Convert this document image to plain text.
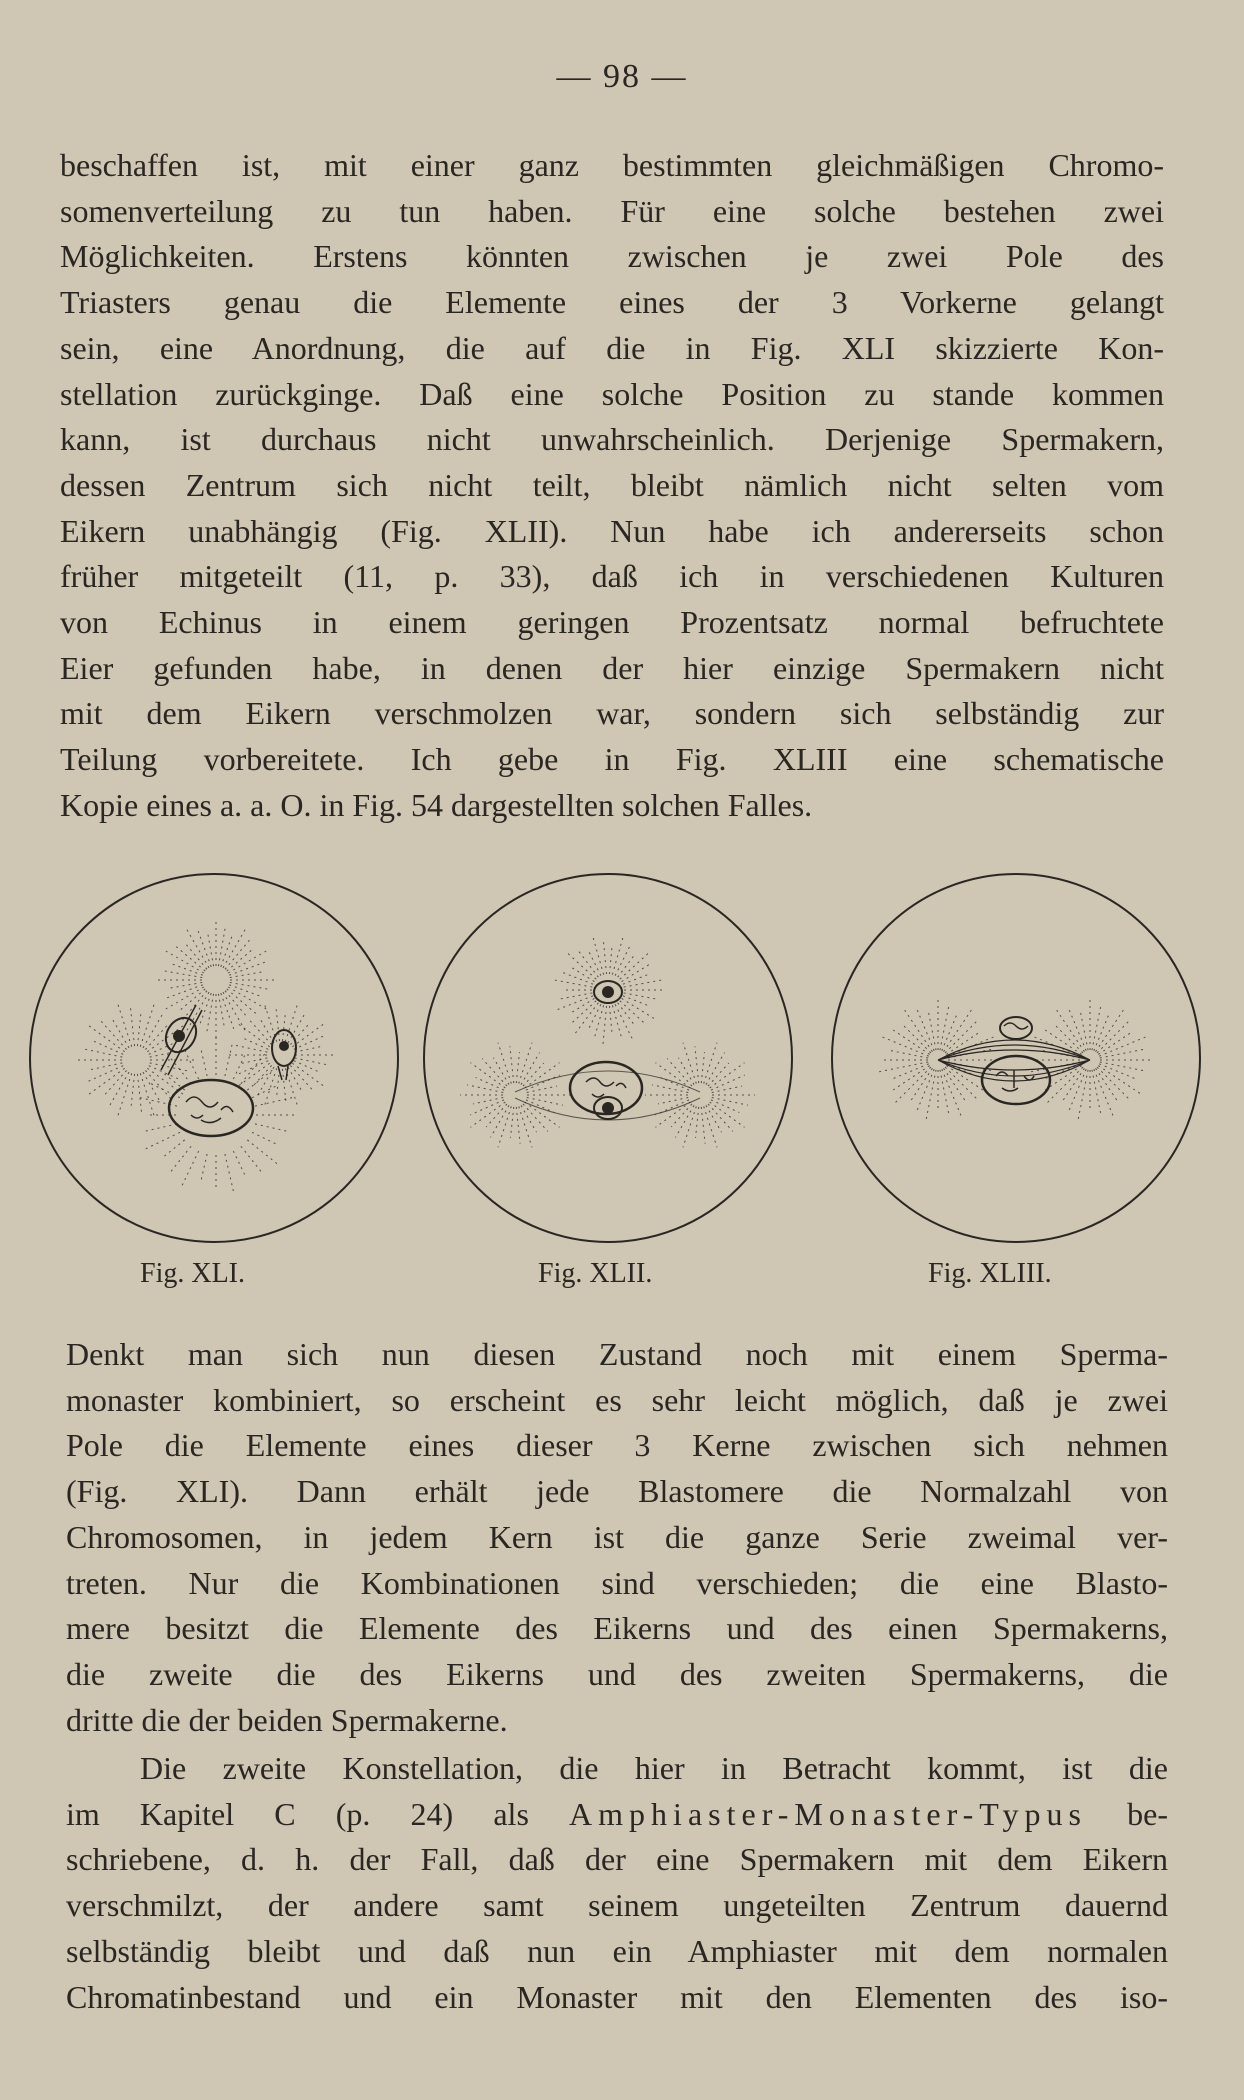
— 98 —

beschaffen ist, mit einer ganz bestimmten gleichmäßigen Chromo-
somenverteilung zu tun haben. Für eine solche bestehen zwei
Möglichkeiten. Erstens könnten zwischen je zwei Pole des
Triasters genau die Elemente eines der 3 Vorkerne gelangt
sein, eine Anordnung, die auf die in Fig. XLI skizzierte Kon-
stellation zurückginge. Daß eine solche Position zu stande kommen
kann, ist durchaus nicht unwahrscheinlich. Derjenige Spermakern,
dessen Zentrum sich nicht teilt, bleibt nämlich nicht selten vom
Eikern unabhängig (Fig. XLII). Nun habe ich andererseits schon
früher mitgeteilt (11, p. 33), daß ich in verschiedenen Kulturen
von Echinus in einem geringen Prozentsatz normal befruchtete
Eier gefunden habe, in denen der hier einzige Spermakern nicht
mit dem Eikern verschmolzen war, sondern sich selbständig zur
Teilung vorbereitete. Ich gebe in Fig. XLIII eine schematische
Kopie eines a. a. O. in Fig. 54 dargestellten solchen Falles.

Fig. XLI.	Fig. XLII.	Fig. XLIII.

Denkt man sich nun diesen Zustand noch mit einem Sperma-
monaster kombiniert, so erscheint es sehr leicht möglich, daß je zwei
Pole die Elemente eines dieser 3 Kerne zwischen sich nehmen
(Fig. XLI). Dann erhält jede Blastomere die Normalzahl von
Chromosomen, in jedem Kern ist die ganze Serie zweimal ver-
treten. Nur die Kombinationen sind verschieden; die eine Blasto-
mere besitzt die Elemente des Eikerns und des einen Spermakerns,
die zweite die des Eikerns und des zweiten Spermakerns, die
dritte die der beiden Spermakerne.

Die zweite Konstellation, die hier in Betracht kommt, ist die
im Kapitel C (p. 24) als Amphiaster-Monaster-Typus be-
schriebene, d. h. der Fall, daß der eine Spermakern mit dem Eikern
verschmilzt, der andere samt seinem ungeteilten Zentrum dauernd
selbständig bleibt und daß nun ein Amphiaster mit dem normalen
Chromatinbestand und ein Monaster mit den Elementen des iso-
